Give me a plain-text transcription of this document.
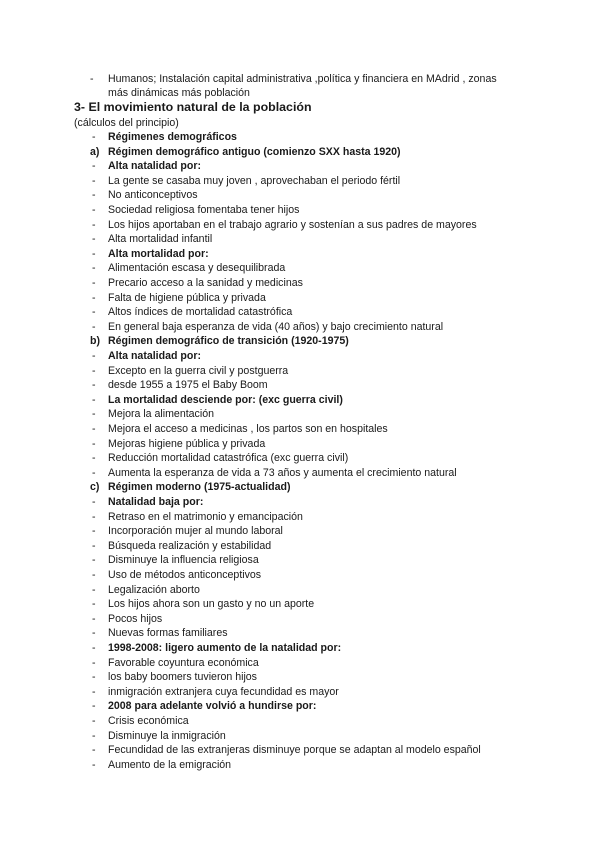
- Humanos; Instalación capital administrativa ,política y financiera en MAdrid , zonas
más dinámicas más población
3- El movimiento natural de la población
(cálculos del principio)
- Régimenes demográficos
a) Régimen demográfico antiguo (comienzo SXX hasta 1920)
- Alta natalidad por:
- La gente se casaba muy joven , aprovechaban el periodo fértil
- No anticonceptivos
- Sociedad religiosa fomentaba tener hijos
- Los hijos aportaban en el trabajo agrario y sostenían a sus padres de mayores
- Alta mortalidad infantil
- Alta mortalidad por:
- Alimentación escasa y desequilibrada
- Precario acceso a la sanidad y medicinas
- Falta de higiene pública y privada
- Altos índices de mortalidad catastrófica
- En general baja esperanza de vida (40 años) y bajo crecimiento natural
b) Régimen demográfico de transición (1920-1975)
- Alta natalidad por:
- Excepto en la guerra civil y postguerra
- desde 1955 a 1975 el Baby Boom
- La mortalidad desciende por: (exc guerra civil)
- Mejora la alimentación
- Mejora el acceso a medicinas , los partos son en hospitales
- Mejoras higiene pública y privada
- Reducción mortalidad catastrófica (exc guerra civil)
- Aumenta la esperanza de vida a 73 años y aumenta el crecimiento natural
c) Régimen moderno (1975-actualidad)
- Natalidad baja por:
- Retraso en el matrimonio y emancipación
- Incorporación mujer al mundo laboral
- Búsqueda realización y estabilidad
- Disminuye la influencia religiosa
- Uso de métodos anticonceptivos
- Legalización aborto
- Los hijos ahora son un gasto y no un aporte
- Pocos hijos
- Nuevas formas familiares
- 1998-2008: ligero aumento de la natalidad por:
- Favorable coyuntura económica
- los baby boomers tuvieron hijos
- inmigración extranjera cuya fecundidad es mayor
- 2008 para adelante volvió a hundirse por:
- Crisis económica
- Disminuye la inmigración
- Fecundidad de las extranjeras disminuye porque se adaptan al modelo español
- Aumento de la emigración
